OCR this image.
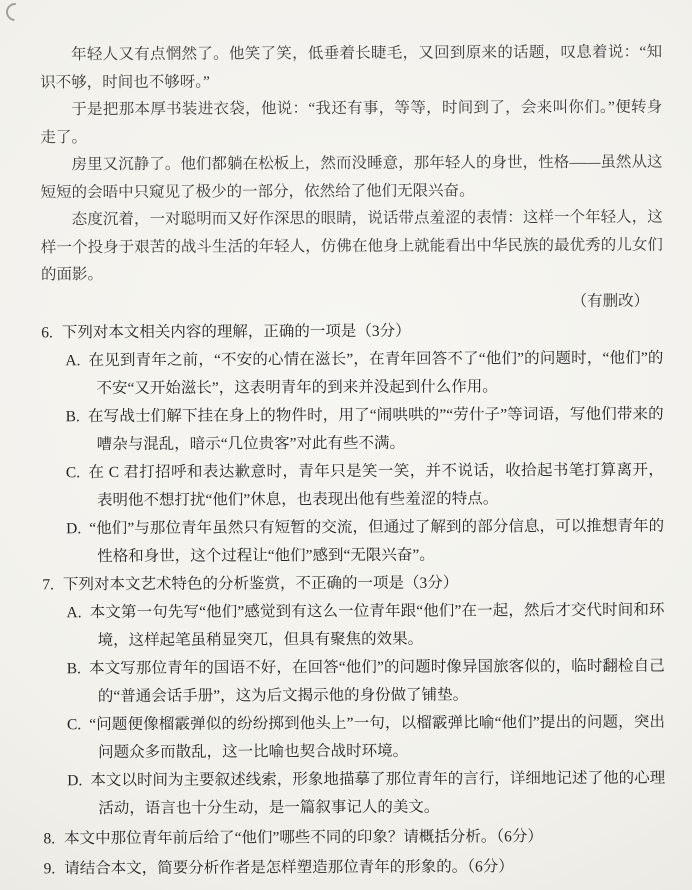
年轻人又有点惘然了。他笑了笑，低垂着长睫毛，又回到原来的话题，叹息着说：“知识不够，时间也不够呀。”

于是把那本厚书装进衣袋，他说：“我还有事，等等，时间到了，会来叫你们。”便转身走了。

房里又沉静了。他们都躺在松板上，然而没睡意，那年轻人的身世，性格——虽然从这短短的会晤中只窥见了极少的一部分，依然给了他们无限兴奋。

态度沉着，一对聪明而又好作深思的眼睛，说话带点羞涩的表情：这样一个年轻人，这样一个投身于艰苦的战斗生活的年轻人，仿佛在他身上就能看出中华民族的最优秀的儿女们的面影。

（有删改）
6. 下列对本文相关内容的理解，正确的一项是（3分）
A. 在见到青年之前，“不安的心情在滋长”，在青年回答不了“他们”的问题时，“他们”的不安“又开始滋长”，这表明青年的到来并没起到什么作用。
B. 在写战士们解下挂在身上的物件时，用了“闹哄哄的”“劳什子”等词语，写他们带来的嘈杂与混乱，暗示“几位贵客”对此有些不满。
C. 在 C 君打招呼和表达歉意时，青年只是笑一笑，并不说话，收拾起书笔打算离开，表明他不想打扰“他们”休息，也表现出他有些羞涩的特点。
D. “他们”与那位青年虽然只有短暂的交流，但通过了解到的部分信息，可以推想青年的性格和身世，这个过程让“他们”感到“无限兴奋”。
7. 下列对本文艺术特色的分析鉴赏，不正确的一项是（3分）
A. 本文第一句先写“他们”感觉到有这么一位青年跟“他们”在一起，然后才交代时间和环境，这样起笔虽稍显突兀，但具有聚焦的效果。
B. 本文写那位青年的国语不好，在回答“他们”的问题时像异国旅客似的，临时翻检自己的“普通会话手册”，这为后文揭示他的身份做了铺垫。
C. “问题便像榴霰弹似的纷纷掷到他头上”一句，以榴霰弹比喻“他们”提出的问题，突出问题众多而散乱，这一比喻也契合战时环境。
D. 本文以时间为主要叙述线索，形象地描摹了那位青年的言行，详细地记述了他的心理活动，语言也十分生动，是一篇叙事记人的美文。
8. 本文中那位青年前后给了“他们”哪些不同的印象？请概括分析。（6分）
9. 请结合本文，简要分析作者是怎样塑造那位青年的形象的。（6分）
